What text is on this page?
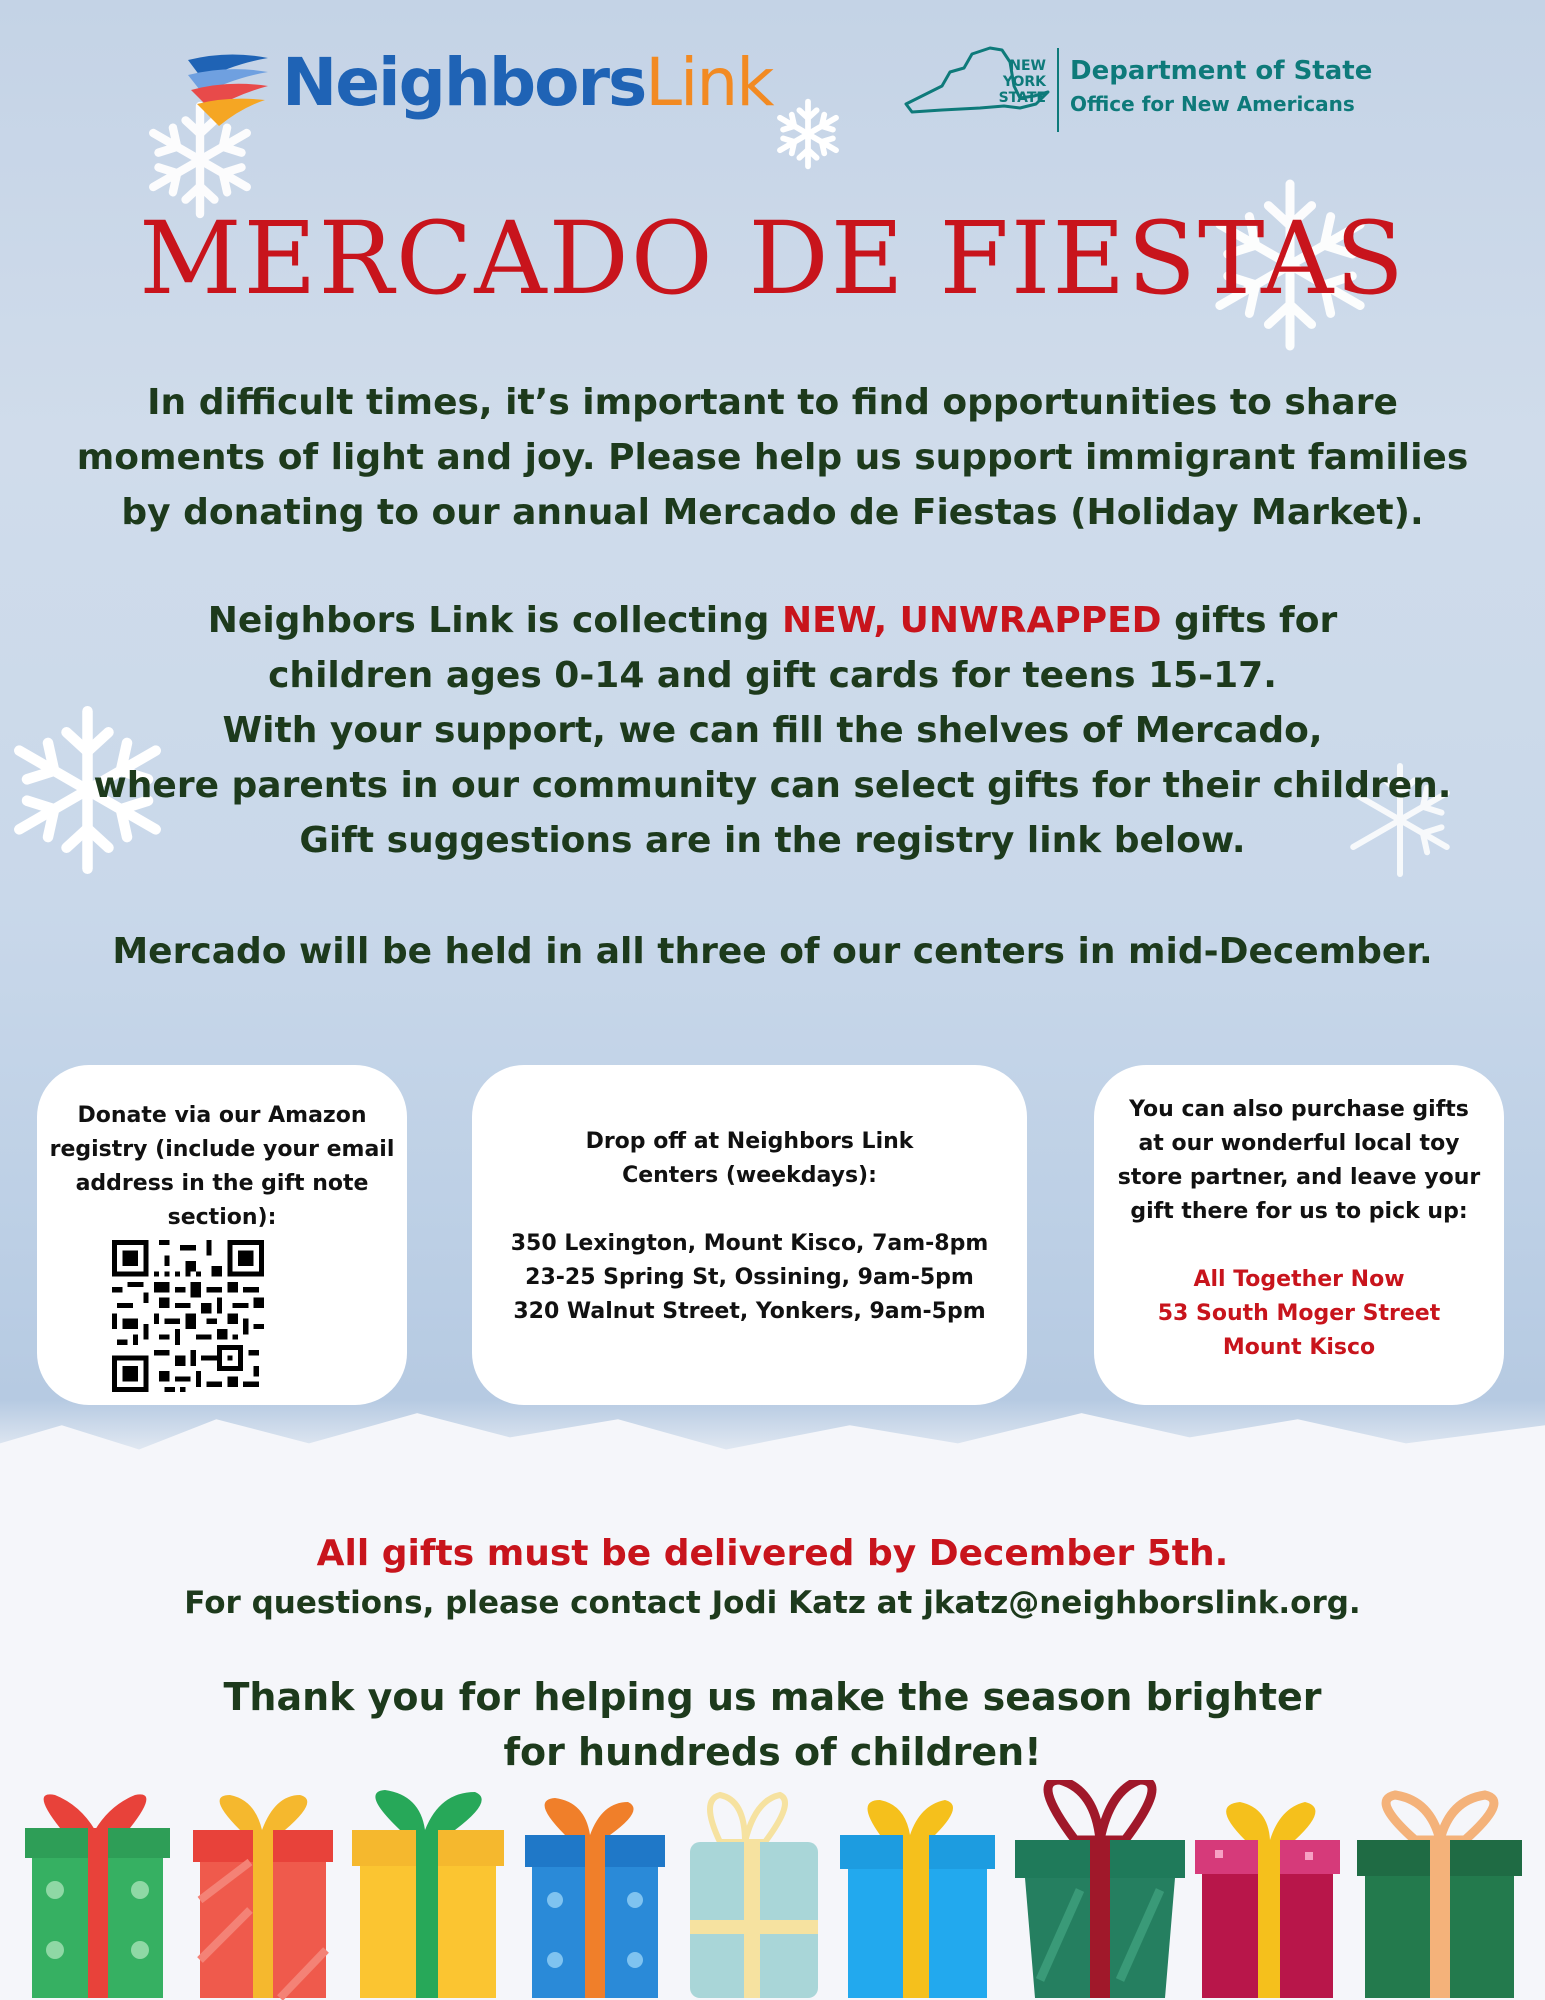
NeighborsLink	NEW
YORK
STATE
Department of State
Office for New Americans
MERCADO DE FIESTAS
In difficult times, it’s important to find opportunities to share
moments of light and joy. Please help us support immigrant families
by donating to our annual Mercado de Fiestas (Holiday Market).
Neighbors Link is collecting NEW, UNWRAPPED gifts for
children ages 0-14 and gift cards for teens 15-17.
With your support, we can fill the shelves of Mercado,
where parents in our community can select gifts for their children.
Gift suggestions are in the registry link below.
Mercado will be held in all three of our centers in mid-December.
Donate via our Amazon
registry (include your email
address in the gift note
section):
Drop off at Neighbors Link
Centers (weekdays):
350 Lexington, Mount Kisco, 7am-8pm
23-25 Spring St, Ossining, 9am-5pm
320 Walnut Street, Yonkers, 9am-5pm
You can also purchase gifts
at our wonderful local toy
store partner, and leave your
gift there for us to pick up:
All Together Now
53 South Moger Street
Mount Kisco
All gifts must be delivered by December 5th.
For questions, please contact Jodi Katz at jkatz@neighborslink.org.
Thank you for helping us make the season brighter
for hundreds of children!
